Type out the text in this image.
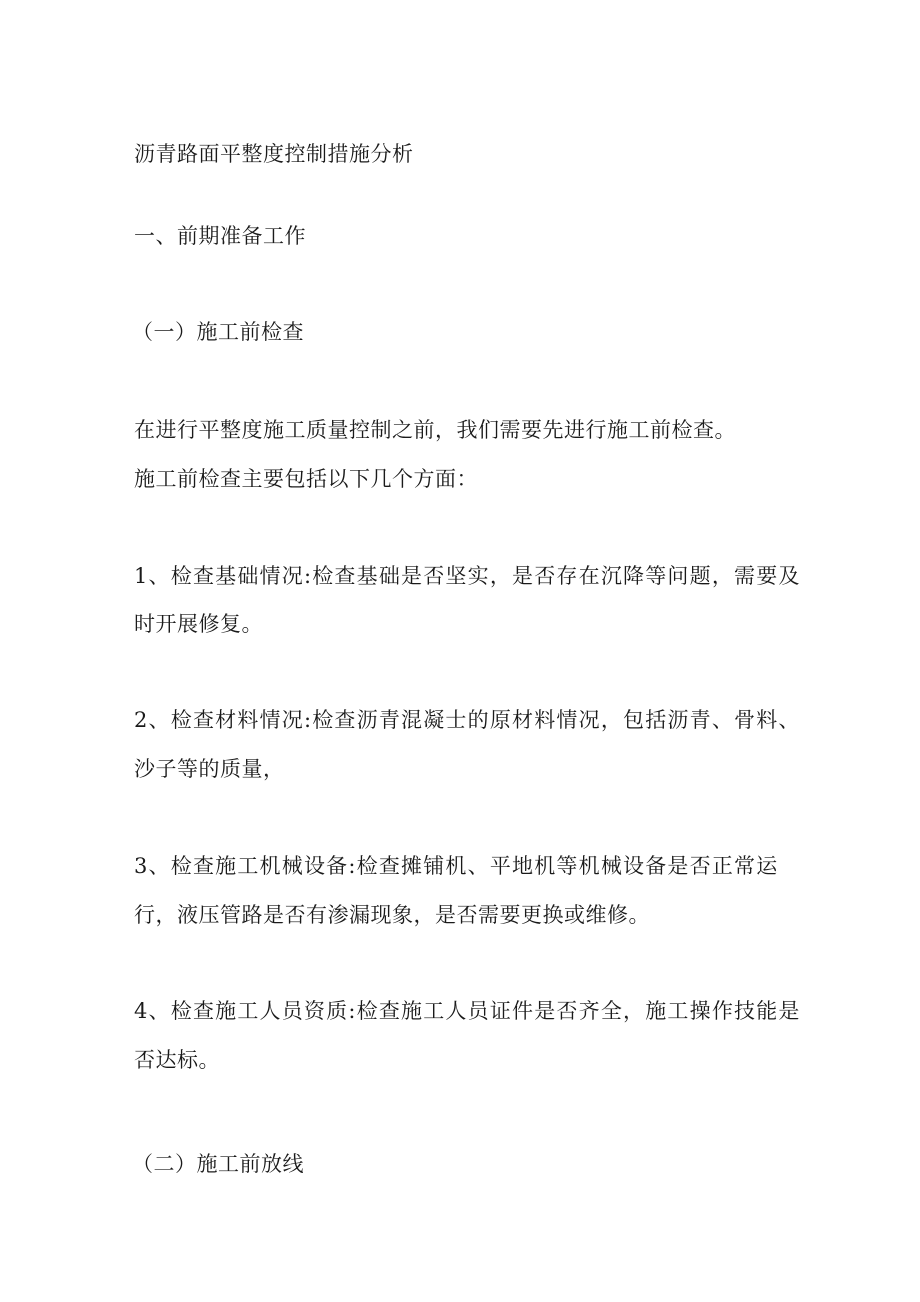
沥青路面平整度控制措施分析
一、前期准备工作
（一）施工前检查
在进行平整度施工质量控制之前，我们需要先进行施工前检查。
施工前检查主要包括以下几个方面：
1、检查基础情况:检查基础是否坚实，是否存在沉降等问题，需要及
时开展修复。
2、检查材料情况:检查沥青混凝士的原材料情况，包括沥青、骨料、
沙子等的质量，
3、检查施工机械设备:检查摊铺机、平地机等机械设备是否正常运
行，液压管路是否有渗漏现象，是否需要更换或维修。
4、检查施工人员资质:检查施工人员证件是否齐全，施工操作技能是
否达标。
（二）施工前放线
